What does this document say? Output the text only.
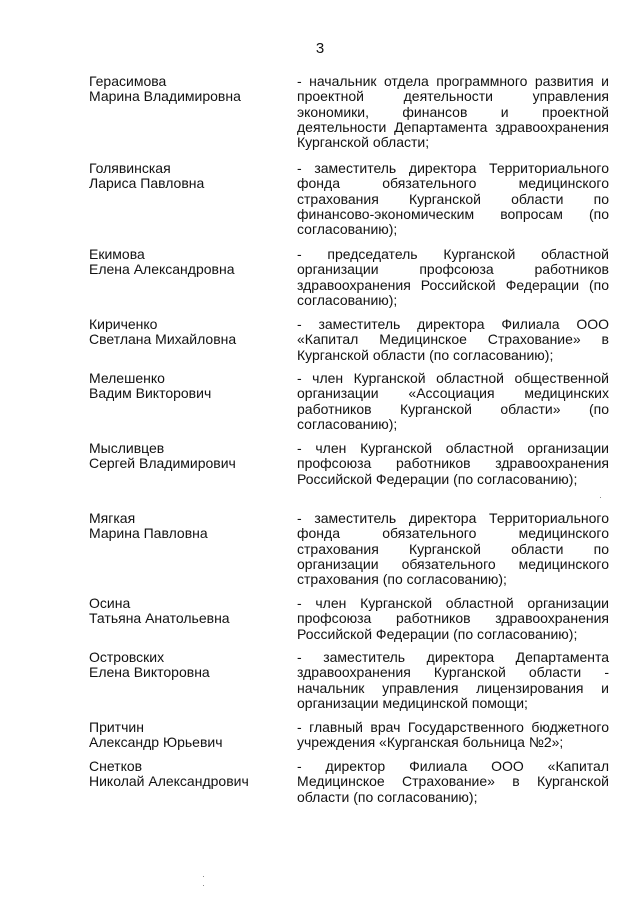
3
Герасимова
Марина Владимировна
- начальник отдела программного развития и проектной деятельности управления экономики, финансов и проектной деятельности Департамента здравоохранения Курганской области;
Голявинская
Лариса Павловна
- заместитель директора Территориального фонда обязательного медицинского страхования Курганской области по финансово-экономическим вопросам (по согласованию);
Екимова
Елена Александровна
- председатель Курганской областной организации профсоюза работников здравоохранения Российской Федерации (по согласованию);
Кириченко
Светлана Михайловна
- заместитель директора Филиала ООО «Капитал Медицинское Страхование» в Курганской области (по согласованию);
Мелешенко
Вадим Викторович
- член Курганской областной общественной организации «Ассоциация медицинских работников Курганской области» (по согласованию);
Мысливцев
Сергей Владимирович
- член Курганской областной организации профсоюза работников здравоохранения Российской Федерации (по согласованию);
Мягкая
Марина Павловна
- заместитель директора Территориального фонда обязательного медицинского страхования Курганской области по организации обязательного медицинского страхования (по согласованию);
Осина
Татьяна Анатольевна
- член Курганской областной организации профсоюза работников здравоохранения Российской Федерации (по согласованию);
Островских
Елена Викторовна
- заместитель директора Департамента здравоохранения Курганской области - начальник управления лицензирования и организации медицинской помощи;
Притчин
Александр Юрьевич
- главный врач Государственного бюджетного учреждения «Курганская больница №2»;
Снетков
Николай Александрович
- директор Филиала ООО «Капитал Медицинское Страхование» в Курганской области (по согласованию);
